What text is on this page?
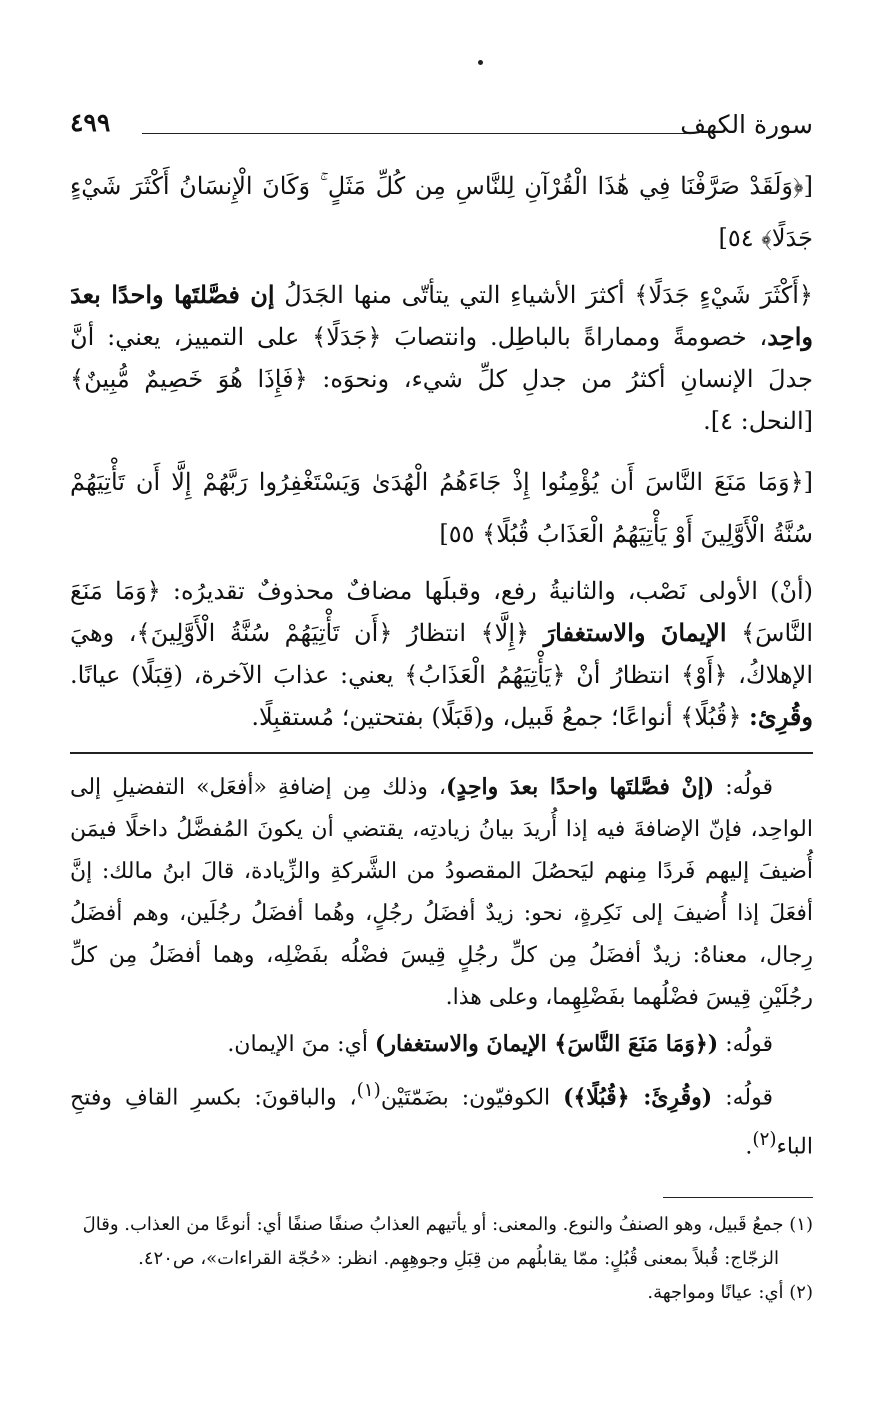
سورة الكهف
٤٩٩

[﴿وَلَقَدْ صَرَّفْنَا فِي هَٰذَا الْقُرْآنِ لِلنَّاسِ مِن كُلِّ مَثَلٍ ۚ وَكَانَ الْإِنسَانُ أَكْثَرَ شَيْءٍ جَدَلًا﴾ ٥٤]

﴿أَكْثَرَ شَيْءٍ جَدَلًا﴾ أكثرَ الأشياءِ التي يتأتّى منها الجَدَلُ إن فصَّلتَها واحدًا بعدَ واحِد، خصومةً ومماراةً بالباطِل. وانتصابَ ﴿جَدَلًا﴾ على التمييز، يعني: أنَّ جدلَ الإنسانِ أكثرُ من جدلِ كلِّ شيء، ونحوَه: ﴿فَإِذَا هُوَ خَصِيمٌ مُّبِينٌ﴾ [النحل: ٤].

[﴿وَمَا مَنَعَ النَّاسَ أَن يُؤْمِنُوا إِذْ جَاءَهُمُ الْهُدَىٰ وَيَسْتَغْفِرُوا رَبَّهُمْ إِلَّا أَن تَأْتِيَهُمْ سُنَّةُ الْأَوَّلِينَ أَوْ يَأْتِيَهُمُ الْعَذَابُ قُبُلًا﴾ ٥٥]

(أنْ) الأولى نَصْب، والثانيةُ رفع، وقبلَها مضافٌ محذوفٌ تقديرُه: ﴿وَمَا مَنَعَ النَّاسَ﴾ الإيمانَ والاستغفارَ ﴿إِلَّا﴾ انتظارُ ﴿أَن تَأْتِيَهُمْ سُنَّةُ الْأَوَّلِينَ﴾، وهيَ الإهلاكُ، ﴿أَوْ﴾ انتظارُ أنْ ﴿يَأْتِيَهُمُ الْعَذَابُ﴾ يعني: عذابَ الآخرة، (قِبَلًا) عيانًا. وقُرِئ: ﴿قُبُلًا﴾ أنواعًا؛ جمعُ قَبيل، و(قَبَلًا) بفتحتين؛ مُستقبِلًا.

قولُه: (إنْ فصَّلتَها واحدًا بعدَ واحِدٍ)، وذلك مِن إضافةِ «أفعَل» التفضيلِ إلى الواحِد، فإنّ الإضافةَ فيه إذا أُريدَ بيانُ زيادتِه، يقتضي أن يكونَ المُفضَّلُ داخلًا فيمَن أُضيفَ إليهم فَردًا مِنهم ليَحصُلَ المقصودُ من الشَّركةِ والزِّيادة، قالَ ابنُ مالك: إنَّ أفعَلَ إذا أُضيفَ إلى نَكِرةٍ، نحو: زيدٌ أفضَلُ رجُلٍ، وهُما أفضَلُ رجُلَين، وهم أفضَلُ رِجال، معناهُ: زيدٌ أفضَلُ مِن كلِّ رجُلٍ قِيسَ فضْلُه بفَضْلِه، وهما أفضَلُ مِن كلِّ رجُلَيْنِ قِيسَ فضْلُهما بفَضْلِهِما، وعلى هذا.

قولُه: (﴿وَمَا مَنَعَ النَّاسَ﴾ الإيمانَ والاستغفار) أي: منَ الإيمان.

قولُه: (وقُرِئَ: ﴿قُبُلًا﴾) الكوفيّون: بضَمّتَيْن$^{(١)}$، والباقونَ: بكسرِ القافِ وفتحِ الباء$^{(٢)}$.

(١) جمعُ قَبيل، وهو الصنفُ والنوع. والمعنى: أو يأتيهم العذابُ صنفًا صنفًا أي: أنوعًا من العذاب. وقالَ

الزجّاج: قُبلاً بمعنى قُبُلٍ: ممّا يقابلُهم من قِبَلِ وجوهِهِم. انظر: «حُجّة القراءات»، ص٤٢٠.

(٢) أي: عيانًا ومواجهة.
